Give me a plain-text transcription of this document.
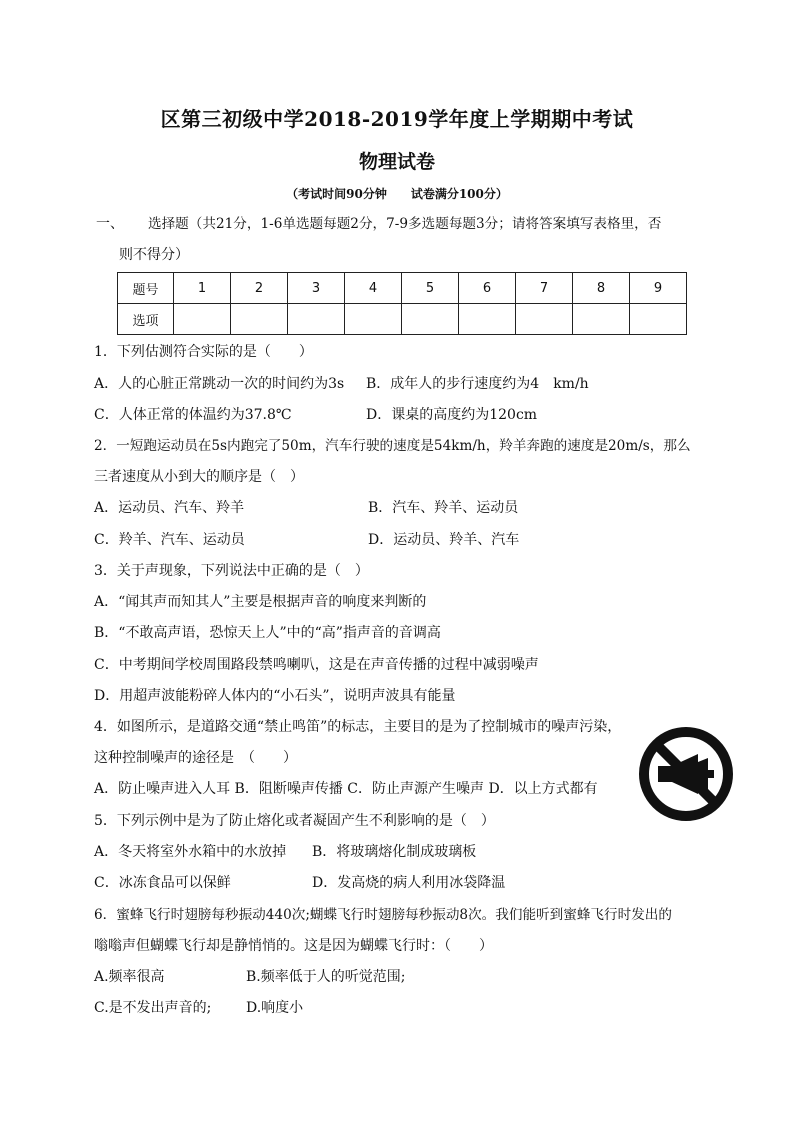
区第三初级中学2018-2019学年度上学期期中考试
物理试卷
（考试时间90分钟　　试卷满分100分）
一、 选择题（共21分，1-6单选题每题2分，7-9多选题每题3分；请将答案填写表格里，否
则不得分）
题号	1	2	3	4	5	6	7	8	9
选项									
1．下列估测符合实际的是（　　）
A．人的心脏正常跳动一次的时间约为3s B．成年人的步行速度约为4　km/h
C．人体正常的体温约为37.8℃	D．课桌的高度约为120cm
2．一短跑运动员在5s内跑完了50m，汽车行驶的速度是54km/h，羚羊奔跑的速度是20m/s，那么
三者速度从小到大的顺序是（　）
A．运动员、汽车、羚羊	B．汽车、羚羊、运动员
C．羚羊、汽车、运动员	D．运动员、羚羊、汽车
3．关于声现象，下列说法中正确的是（　）
A．“闻其声而知其人”主要是根据声音的响度来判断的
B．“不敢高声语，恐惊天上人”中的“高”指声音的音调高
C．中考期间学校周围路段禁鸣喇叭，这是在声音传播的过程中减弱噪声
D．用超声波能粉碎人体内的“小石头”，说明声波具有能量
4．如图所示，是道路交通“禁止鸣笛”的标志，主要目的是为了控制城市的噪声污染，
这种控制噪声的途径是　（　　）
A．防止噪声进入人耳 B．阻断噪声传播 C．防止声源产生噪声 D．以上方式都有
5．下列示例中是为了防止熔化或者凝固产生不利影响的是（　）
A．冬天将室外水箱中的水放掉 B．将玻璃熔化制成玻璃板
C．冰冻食品可以保鲜	D．发高烧的病人利用冰袋降温
6．蜜蜂飞行时翅膀每秒振动440次;蝴蝶飞行时翅膀每秒振动8次。我们能听到蜜蜂飞行时发出的
嗡嗡声但蝴蝶飞行却是静悄悄的。这是因为蝴蝶飞行时：（　　）
A.频率很高	B.频率低于人的听觉范围;
C.是不发出声音的; D.响度小
